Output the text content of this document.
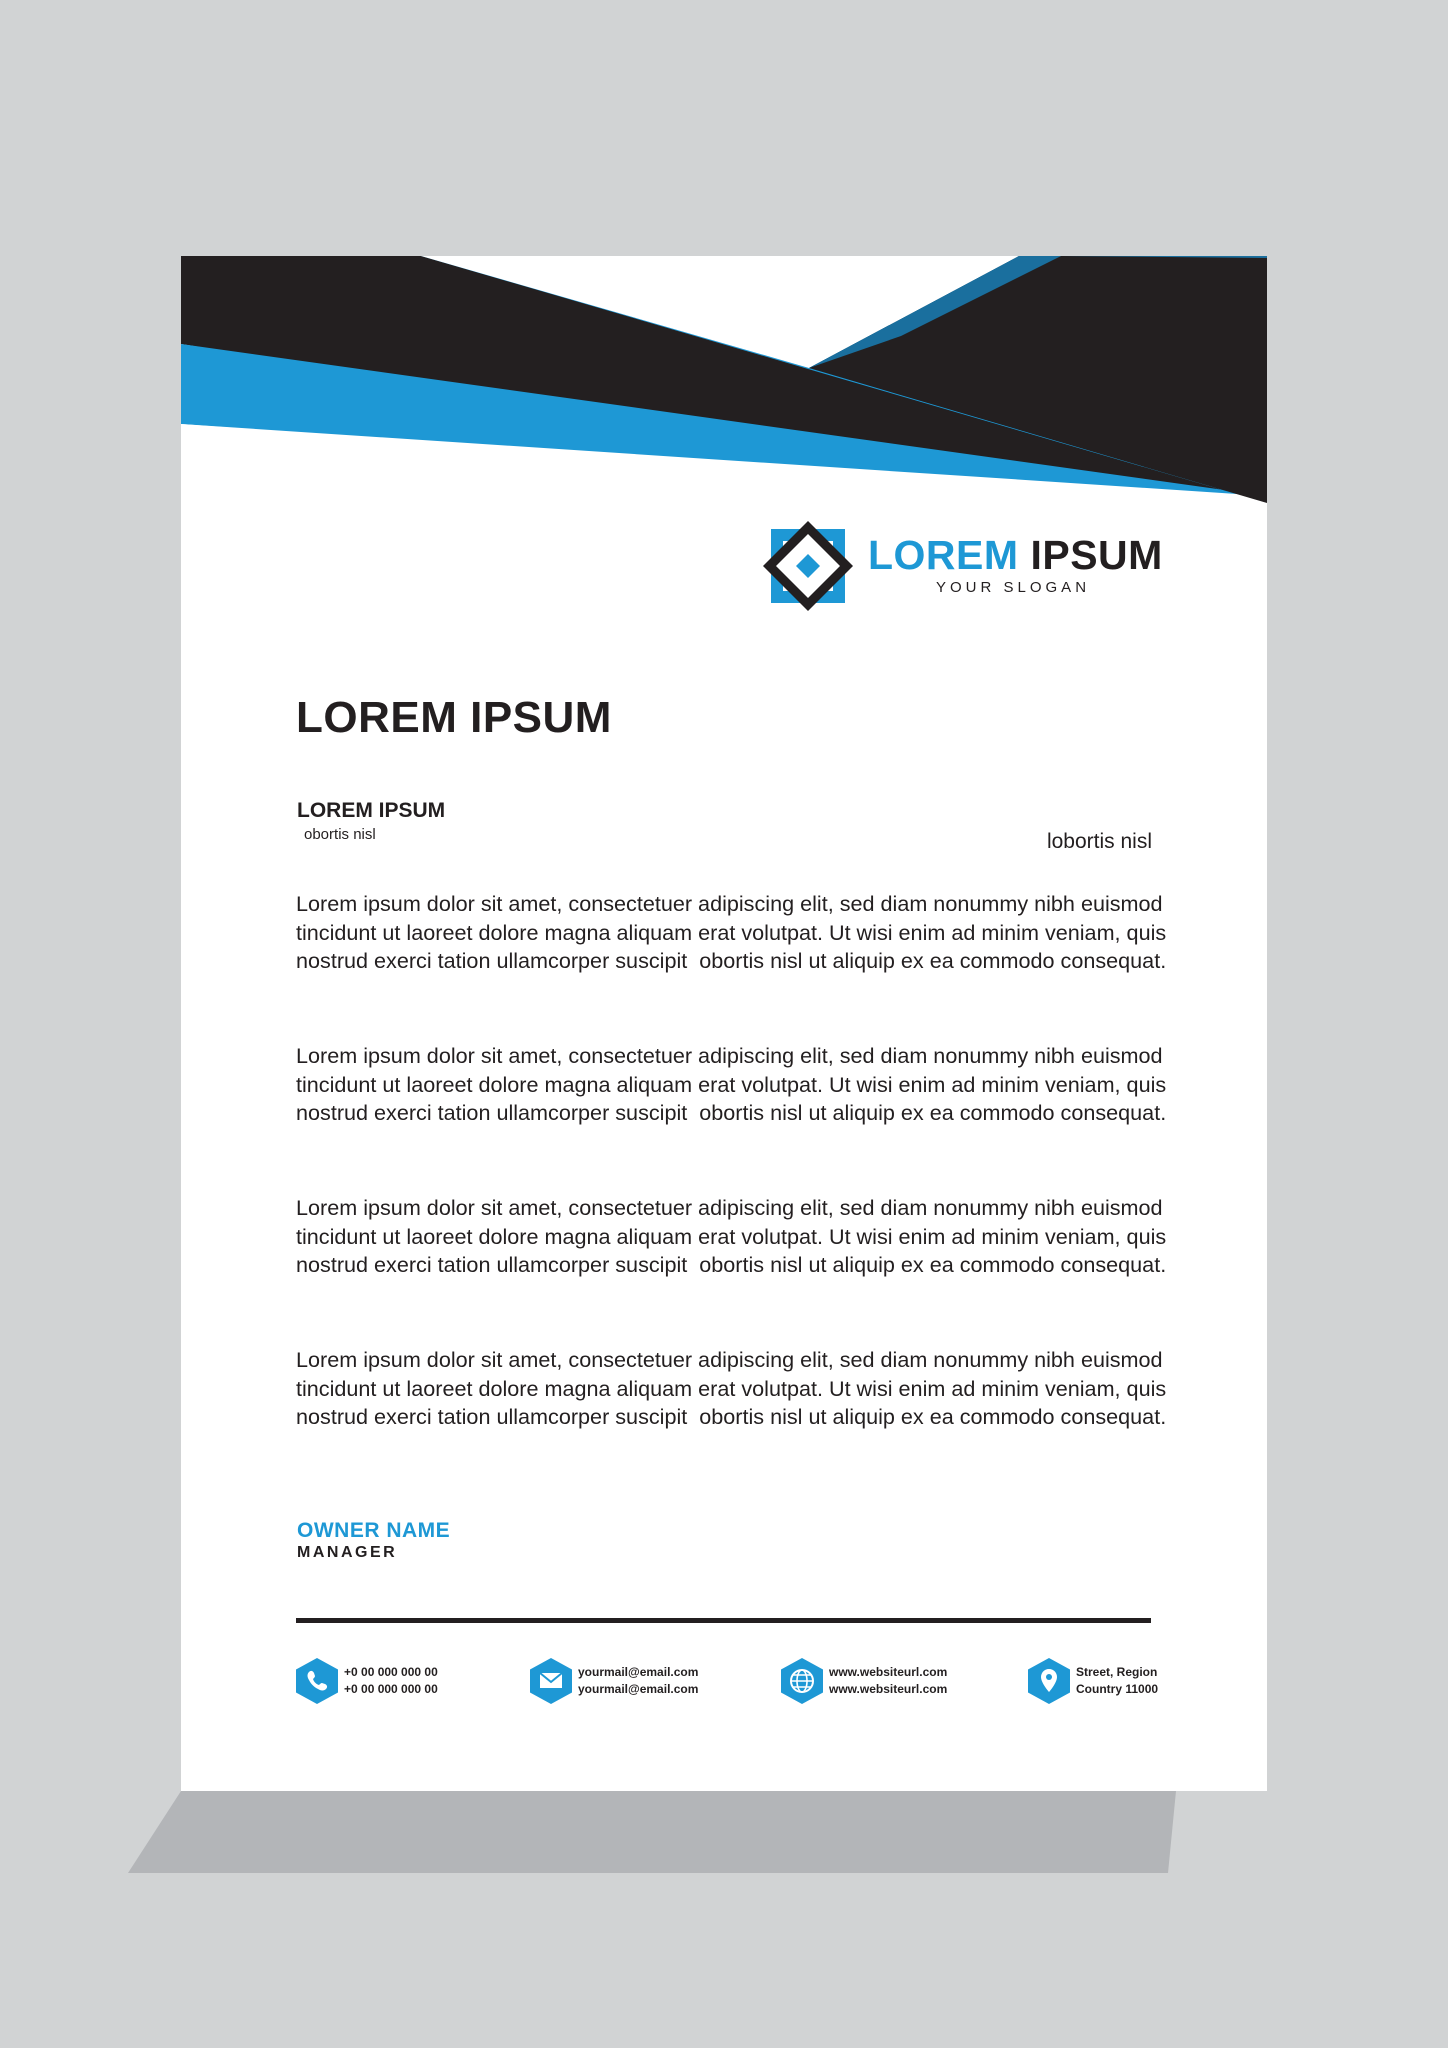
LOREM IPSUM
YOUR SLOGAN
LOREM IPSUM
LOREM IPSUM
obortis nisl	lobortis nisl

Lorem ipsum dolor sit amet, consectetuer adipiscing elit, sed diam nonummy nibh euismod tincidunt ut laoreet dolore magna aliquam erat volutpat. Ut wisi enim ad minim veniam, quis nostrud exerci tation ullamcorper suscipit  obortis nisl ut aliquip ex ea commodo consequat.

Lorem ipsum dolor sit amet, consectetuer adipiscing elit, sed diam nonummy nibh euismod tincidunt ut laoreet dolore magna aliquam erat volutpat. Ut wisi enim ad minim veniam, quis nostrud exerci tation ullamcorper suscipit  obortis nisl ut aliquip ex ea commodo consequat.

Lorem ipsum dolor sit amet, consectetuer adipiscing elit, sed diam nonummy nibh euismod tincidunt ut laoreet dolore magna aliquam erat volutpat. Ut wisi enim ad minim veniam, quis nostrud exerci tation ullamcorper suscipit  obortis nisl ut aliquip ex ea commodo consequat.

Lorem ipsum dolor sit amet, consectetuer adipiscing elit, sed diam nonummy nibh euismod tincidunt ut laoreet dolore magna aliquam erat volutpat. Ut wisi enim ad minim veniam, quis nostrud exerci tation ullamcorper suscipit  obortis nisl ut aliquip ex ea commodo consequat.

OWNER NAME
MANAGER
+0 00 000 000 00
+0 00 000 000 00
yourmail@email.com
yourmail@email.com
www.websiteurl.com
www.websiteurl.com
Street, Region
Country 11000
